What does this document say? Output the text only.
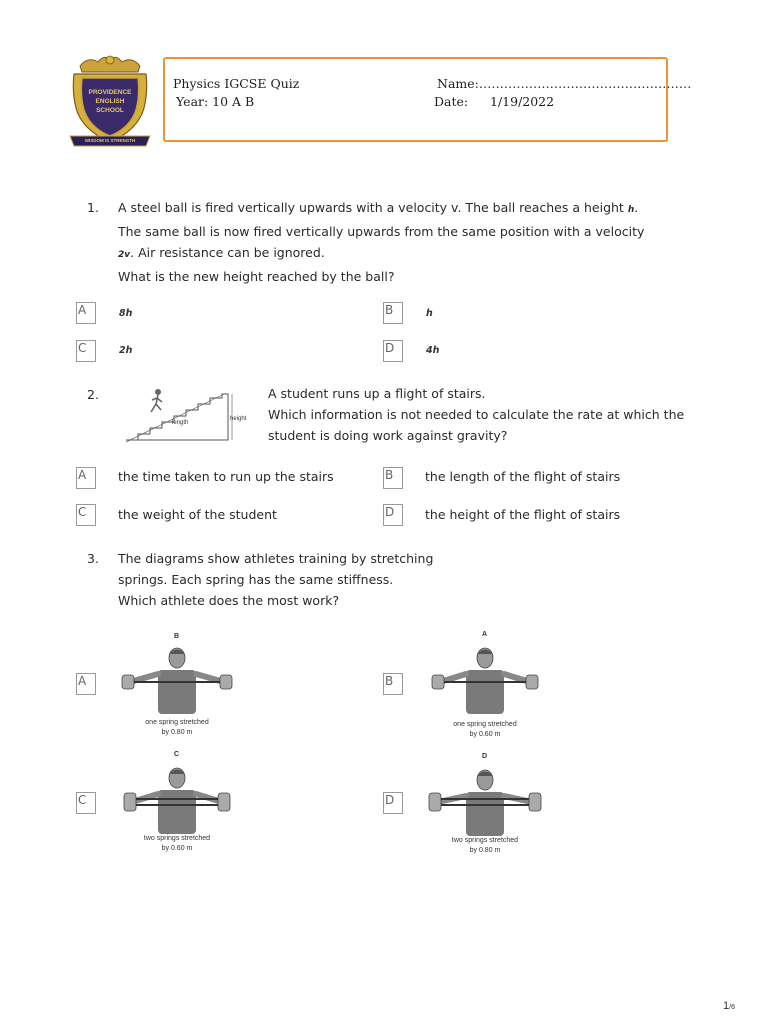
PROVIDENCE
ENGLISH
SCHOOL
WISDOM IS STRENGTH
Physics IGCSE Quiz
Year: 10 A B
Name:……………………………………………
Date: 1/19/2022
1. A steel ball is fired vertically upwards with a velocity v. The ball reaches a height h.
The same ball is now fired vertically upwards from the same position with a velocity
2v. Air resistance can be ignored.
What is the new height reached by the ball?
A	8h	B	h
C	2h	D	4h
2.
length
height
A student runs up a flight of stairs.
Which information is not needed to calculate the rate at which the
student is doing work against gravity?
A	the time taken to run up the stairs	B	the length of the flight of stairs
C	the weight of the student	D	the height of the flight of stairs
3. The diagrams show athletes training by stretching
springs. Each spring has the same stiffness.
Which athlete does the most work?
B
one spring stretched
by 0.80 m
A
A
one spring stretched
by 0.60 m
B
C
two springs stretched
by 0.60 m
C
D
two springs stretched
by 0.80 m
D
1/6
